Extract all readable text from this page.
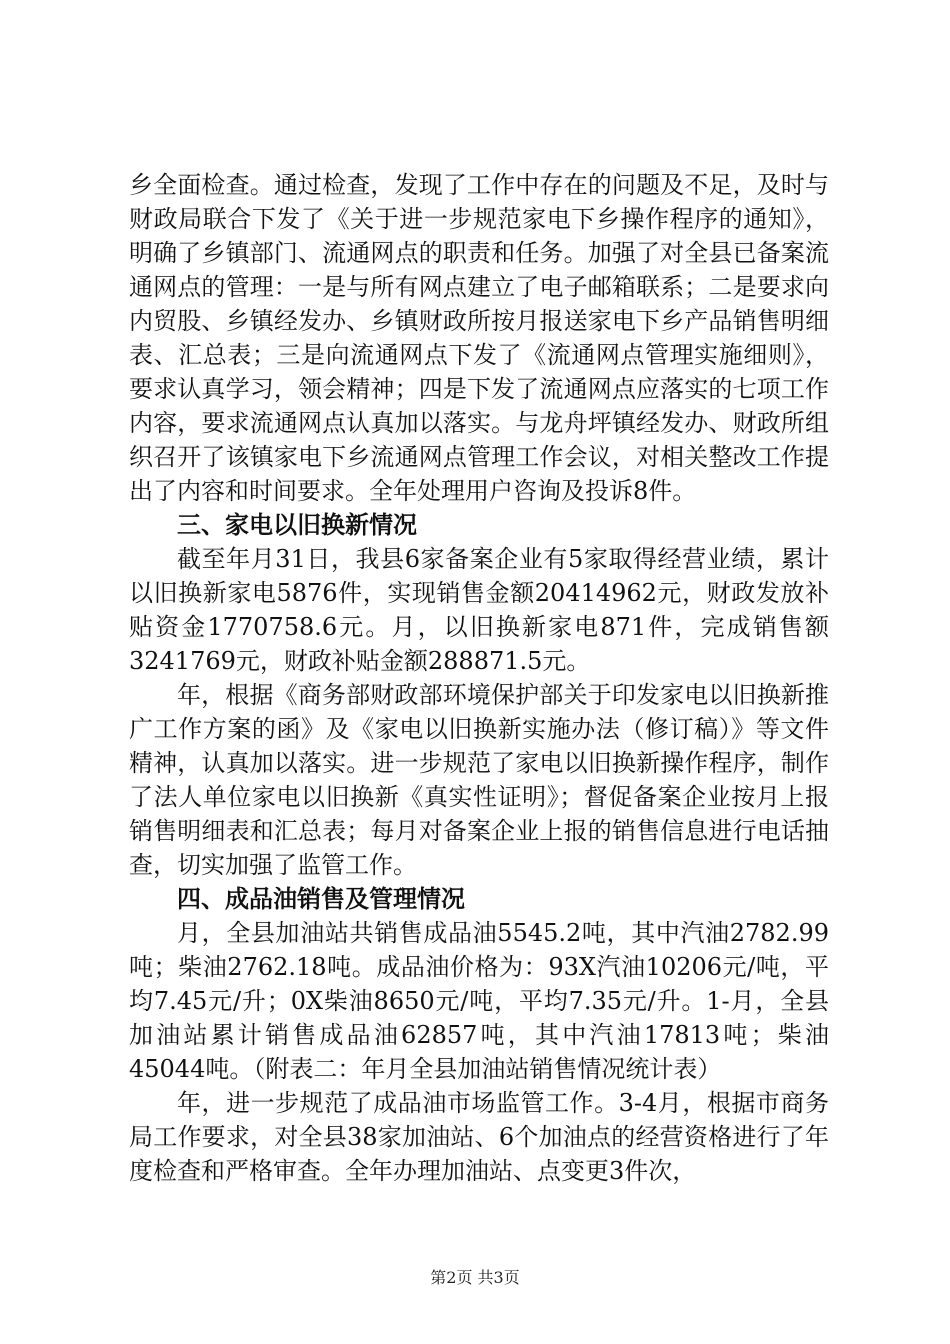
乡全面检查。通过检查，发现了工作中存在的问题及不足，及时与财政局联合下发了《关于进一步规范家电下乡操作程序的通知》，明确了乡镇部门、流通网点的职责和任务。加强了对全县已备案流通网点的管理：一是与所有网点建立了电子邮箱联系；二是要求向内贸股、乡镇经发办、乡镇财政所按月报送家电下乡产品销售明细表、汇总表；三是向流通网点下发了《流通网点管理实施细则》，要求认真学习，领会精神；四是下发了流通网点应落实的七项工作内容，要求流通网点认真加以落实。与龙舟坪镇经发办、财政所组织召开了该镇家电下乡流通网点管理工作会议，对相关整改工作提出了内容和时间要求。全年处理用户咨询及投诉8件。

三、家电以旧换新情况

截至年月31日，我县6家备案企业有5家取得经营业绩，累计以旧换新家电5876件，实现销售金额20414962元，财政发放补贴资金1770758.6元。月，以旧换新家电871件，完成销售额3241769元，财政补贴金额288871.5元。

年，根据《商务部财政部环境保护部关于印发家电以旧换新推广工作方案的函》及《家电以旧换新实施办法（修订稿）》等文件精神，认真加以落实。进一步规范了家电以旧换新操作程序，制作了法人单位家电以旧换新《真实性证明》；督促备案企业按月上报销售明细表和汇总表；每月对备案企业上报的销售信息进行电话抽查，切实加强了监管工作。

四、成品油销售及管理情况

月，全县加油站共销售成品油5545.2吨，其中汽油2782.99吨；柴油2762.18吨。成品油价格为：93X汽油10206元/吨，平均7.45元/升；0X柴油8650元/吨，平均7.35元/升。1-月，全县加油站累计销售成品油62857吨，其中汽油17813吨；柴油45044吨。（附表二：年月全县加油站销售情况统计表）

年，进一步规范了成品油市场监管工作。3-4月，根据市商务局工作要求，对全县38家加油站、6个加油点的经营资格进行了年度检查和严格审查。全年办理加油站、点变更3件次，

第2页 共3页
